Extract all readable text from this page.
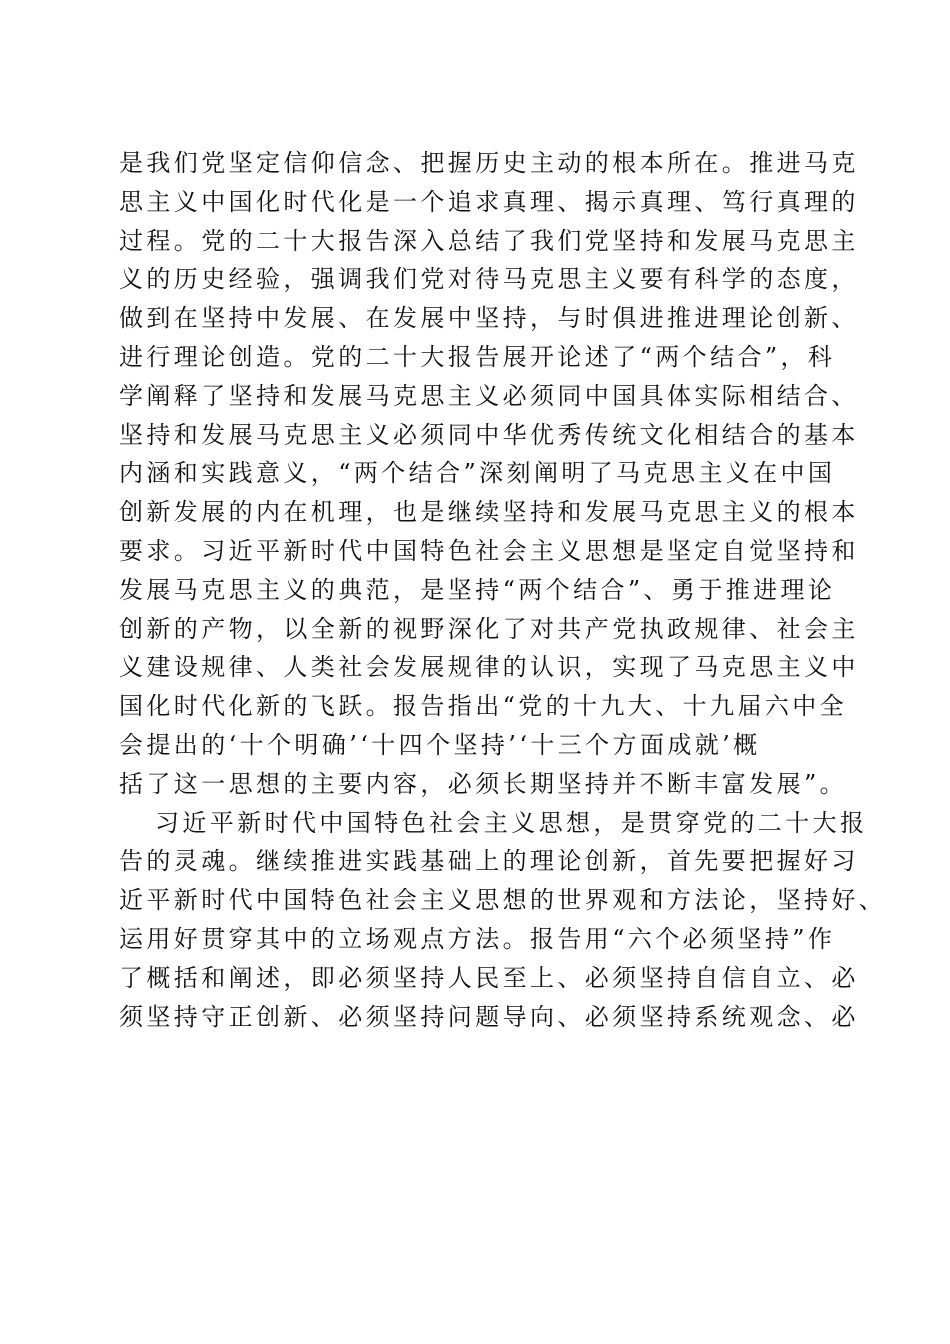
是我们党坚定信仰信念、把握历史主动的根本所在。推进马克
思主义中国化时代化是一个追求真理、揭示真理、笃行真理的
过程。党的二十大报告深入总结了我们党坚持和发展马克思主
义的历史经验，强调我们党对待马克思主义要有科学的态度，
做到在坚持中发展、在发展中坚持，与时俱进推进理论创新、
进行理论创造。党的二十大报告展开论述了“两个结合”，科
学阐释了坚持和发展马克思主义必须同中国具体实际相结合、
坚持和发展马克思主义必须同中华优秀传统文化相结合的基本
内涵和实践意义，“两个结合”深刻阐明了马克思主义在中国
创新发展的内在机理，也是继续坚持和发展马克思主义的根本
要求。习近平新时代中国特色社会主义思想是坚定自觉坚持和
发展马克思主义的典范，是坚持“两个结合”、勇于推进理论
创新的产物，以全新的视野深化了对共产党执政规律、社会主
义建设规律、人类社会发展规律的认识，实现了马克思主义中
国化时代化新的飞跃。报告指出“党的十九大、十九届六中全
会提出的‘十个明确’‘十四个坚持’‘十三个方面成就’概
括了这一思想的主要内容，必须长期坚持并不断丰富发展”。
习近平新时代中国特色社会主义思想，是贯穿党的二十大报
告的灵魂。继续推进实践基础上的理论创新，首先要把握好习
近平新时代中国特色社会主义思想的世界观和方法论，坚持好、
运用好贯穿其中的立场观点方法。报告用“六个必须坚持”作
了概括和阐述，即必须坚持人民至上、必须坚持自信自立、必
须坚持守正创新、必须坚持问题导向、必须坚持系统观念、必
